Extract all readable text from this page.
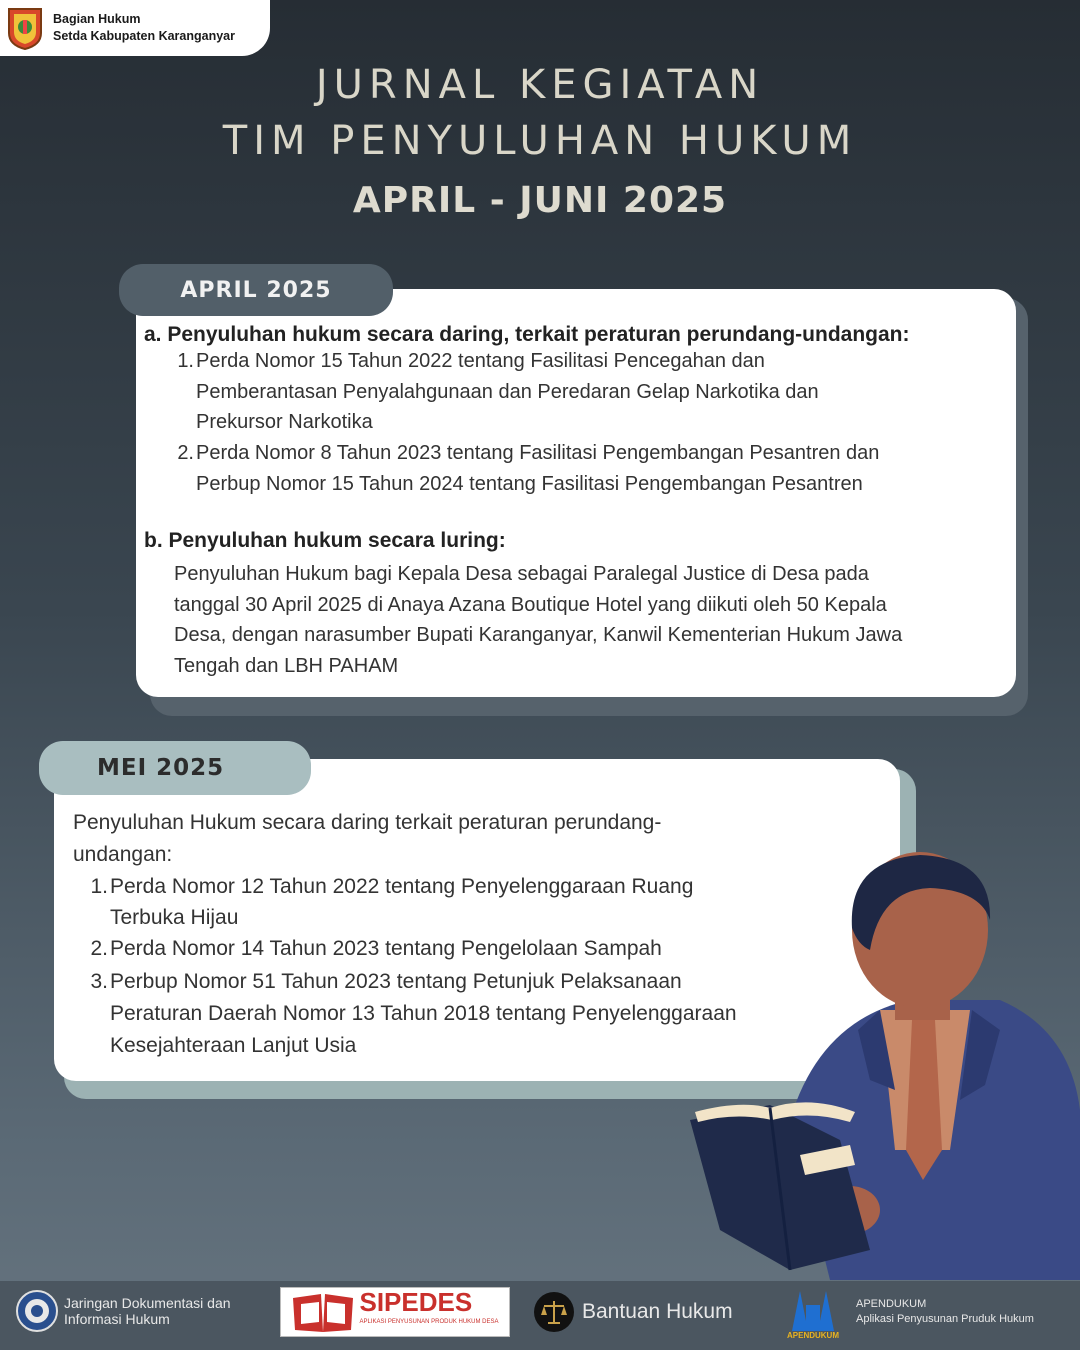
Bagian Hukum
Setda Kabupaten Karanganyar
JURNAL KEGIATAN
TIM PENYULUHAN HUKUM
APRIL - JUNI 2025
APRIL 2025
a. Penyuluhan hukum secara daring, terkait peraturan perundang-undangan:
1. Perda Nomor 15 Tahun 2022 tentang Fasilitasi Pencegahan dan
Pemberantasan Penyalahgunaan dan Peredaran Gelap Narkotika dan
Prekursor Narkotika
2. Perda Nomor 8 Tahun 2023 tentang Fasilitasi Pengembangan Pesantren dan
Perbup Nomor 15 Tahun 2024 tentang Fasilitasi Pengembangan Pesantren
b. Penyuluhan hukum secara luring:
Penyuluhan Hukum bagi Kepala Desa sebagai Paralegal Justice di Desa pada
tanggal 30 April 2025 di Anaya Azana Boutique Hotel yang diikuti oleh 50 Kepala
Desa, dengan narasumber Bupati Karanganyar, Kanwil Kementerian Hukum Jawa
Tengah dan LBH PAHAM
MEI 2025
Penyuluhan Hukum secara daring terkait peraturan perundang-
undangan:
1. Perda Nomor 12 Tahun 2022 tentang Penyelenggaraan Ruang
Terbuka Hijau
2. Perda Nomor 14 Tahun 2023 tentang Pengelolaan Sampah
3. Perbup Nomor 51 Tahun 2023 tentang Petunjuk Pelaksanaan
Peraturan Daerah Nomor 13 Tahun 2018 tentang Penyelenggaraan
Kesejahteraan Lanjut Usia
Jaringan Dokumentasi dan
Informasi Hukum
SIPEDES
APLIKASI PENYUSUNAN PRODUK HUKUM DESA	Bantuan Hukum
APENDUKUM
APENDUKUM
Aplikasi Penyusunan Pruduk Hukum
